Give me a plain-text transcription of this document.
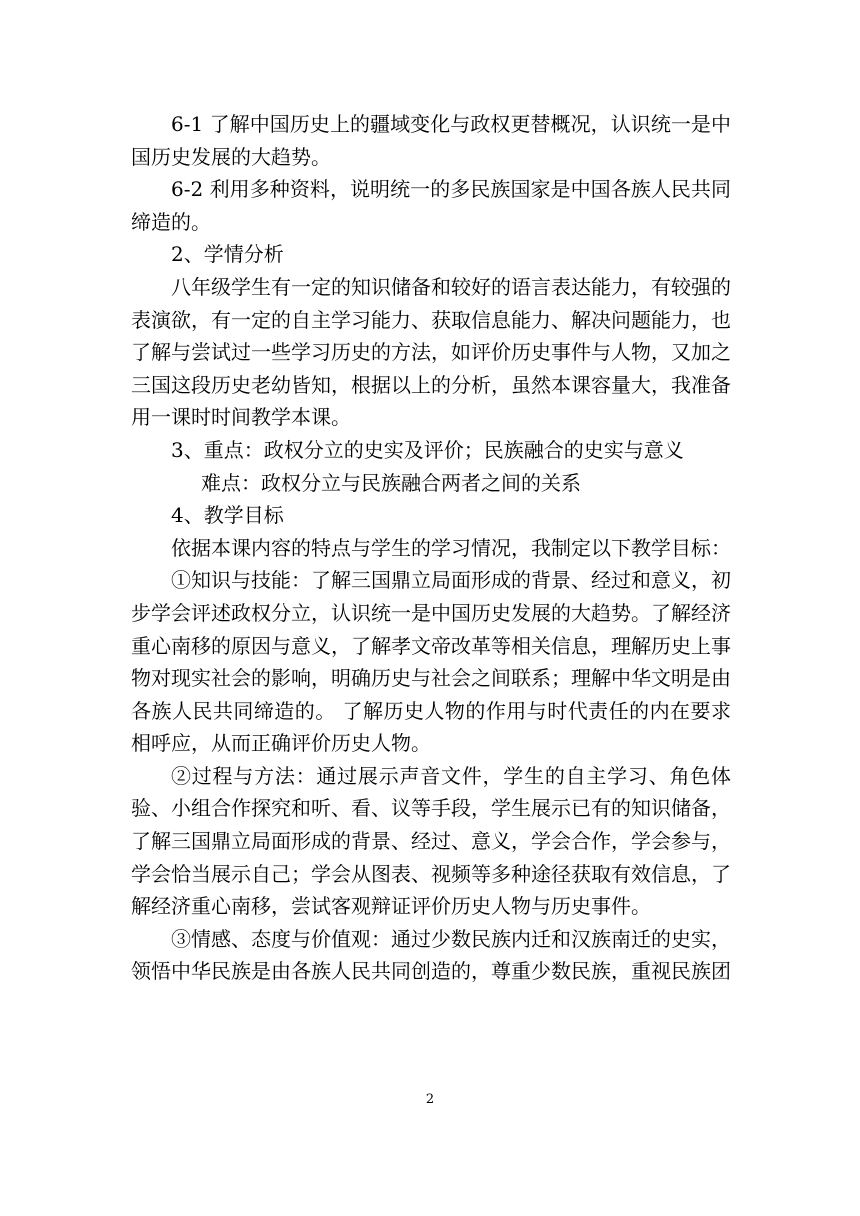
6-1 了解中国历史上的疆域变化与政权更替概况，认识统一是中国历史发展的大趋势。

6-2 利用多种资料，说明统一的多民族国家是中国各族人民共同缔造的。

2、学情分析

八年级学生有一定的知识储备和较好的语言表达能力，有较强的表演欲，有一定的自主学习能力、获取信息能力、解决问题能力，也了解与尝试过一些学习历史的方法，如评价历史事件与人物，又加之三国这段历史老幼皆知，根据以上的分析，虽然本课容量大，我准备用一课时时间教学本课。

3、重点：政权分立的史实及评价；民族融合的史实与意义

难点：政权分立与民族融合两者之间的关系

4、教学目标

依据本课内容的特点与学生的学习情况，我制定以下教学目标：

①知识与技能：了解三国鼎立局面形成的背景、经过和意义，初步学会评述政权分立，认识统一是中国历史发展的大趋势。了解经济重心南移的原因与意义，了解孝文帝改革等相关信息，理解历史上事物对现实社会的影响，明确历史与社会之间联系；理解中华文明是由各族人民共同缔造的。 了解历史人物的作用与时代责任的内在要求相呼应，从而正确评价历史人物。

②过程与方法：通过展示声音文件，学生的自主学习、角色体验、小组合作探究和听、看、议等手段，学生展示已有的知识储备，了解三国鼎立局面形成的背景、经过、意义，学会合作，学会参与，学会恰当展示自己；学会从图表、视频等多种途径获取有效信息，了解经济重心南移，尝试客观辩证评价历史人物与历史事件。

③情感、态度与价值观：通过少数民族内迁和汉族南迁的史实，领悟中华民族是由各族人民共同创造的，尊重少数民族，重视民族团

2
